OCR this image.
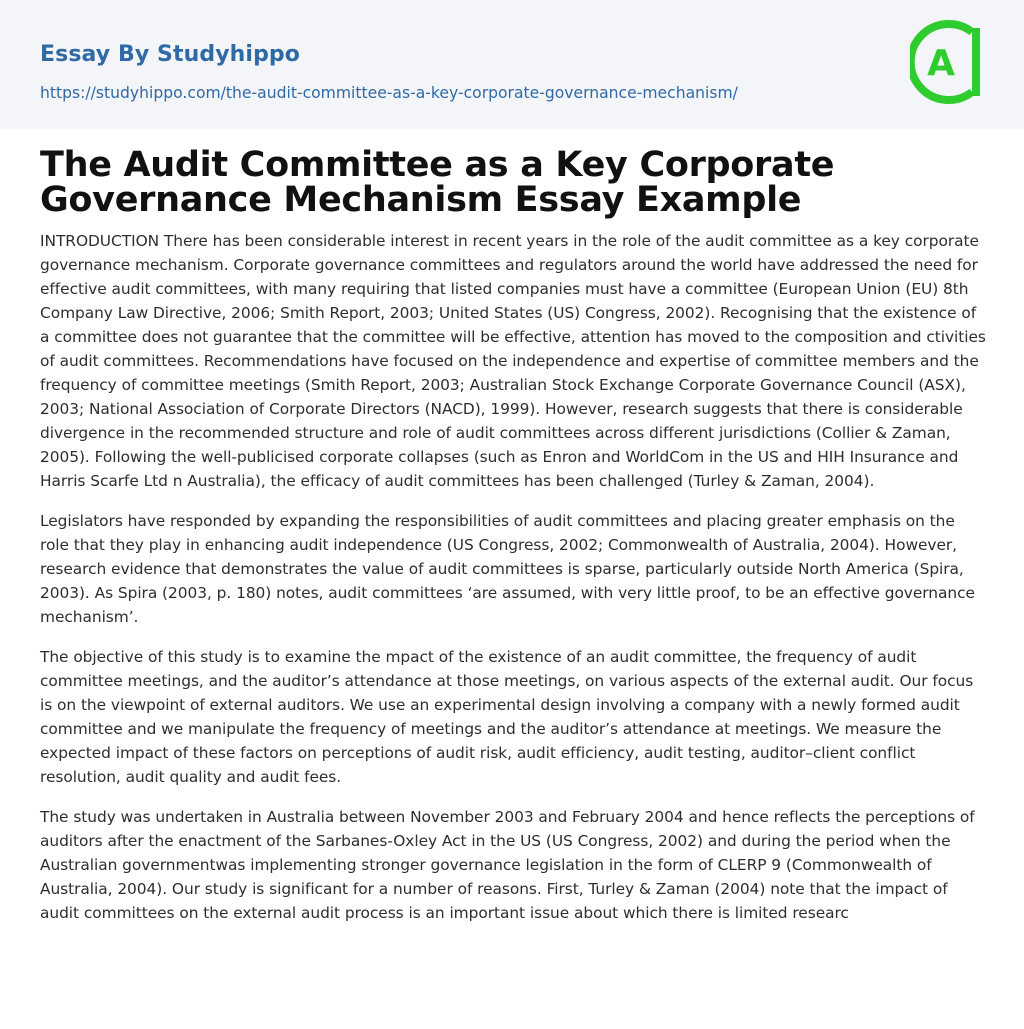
Essay By Studyhippo
https://studyhippo.com/the-audit-committee-as-a-key-corporate-governance-mechanism/
A
The Audit Committee as a Key Corporate Governance Mechanism Essay Example

INTRODUCTION There has been considerable interest in recent years in the role of the audit committee as a key corporate governance mechanism. Corporate governance committees and regulators around the world have addressed the need for effective audit committees, with many requiring that listed companies must have a committee (European Union (EU) 8th Company Law Directive, 2006; Smith Report, 2003; United States (US) Congress, 2002). Recognising that the existence of a committee does not guarantee that the committee will be effective, attention has moved to the composition and ctivities of audit committees. Recommendations have focused on the independence and expertise of committee members and the frequency of committee meetings (Smith Report, 2003; Australian Stock Exchange Corporate Governance Council (ASX), 2003; National Association of Corporate Directors (NACD), 1999). However, research suggests that there is considerable divergence in the recommended structure and role of audit committees across different jurisdictions (Collier & Zaman, 2005). Following the well-publicised corporate collapses (such as Enron and WorldCom in the US and HIH Insurance and Harris Scarfe Ltd n Australia), the efficacy of audit committees has been challenged (Turley & Zaman, 2004).

Legislators have responded by expanding the responsibilities of audit committees and placing greater emphasis on the role that they play in enhancing audit independence (US Congress, 2002; Commonwealth of Australia, 2004). However, research evidence that demonstrates the value of audit committees is sparse, particularly outside North America (Spira, 2003). As Spira (2003, p. 180) notes, audit committees ‘are assumed, with very little proof, to be an effective governance mechanism’.

The objective of this study is to examine the mpact of the existence of an audit committee, the frequency of audit committee meetings, and the auditor’s attendance at those meetings, on various aspects of the external audit. Our focus is on the viewpoint of external auditors. We use an experimental design involving a company with a newly formed audit committee and we manipulate the frequency of meetings and the auditor’s attendance at meetings. We measure the expected impact of these factors on perceptions of audit risk, audit efficiency, audit testing, auditor–client conflict resolution, audit quality and audit fees.

The study was undertaken in Australia between November 2003 and February 2004 and hence reflects the perceptions of auditors after the enactment of the Sarbanes-Oxley Act in the US (US Congress, 2002) and during the period when the Australian governmentwas implementing stronger governance legislation in the form of CLERP 9 (Commonwealth of Australia, 2004). Our study is significant for a number of reasons. First, Turley & Zaman (2004) note that the impact of audit committees on the external audit process is an important issue about which there is limited researc
